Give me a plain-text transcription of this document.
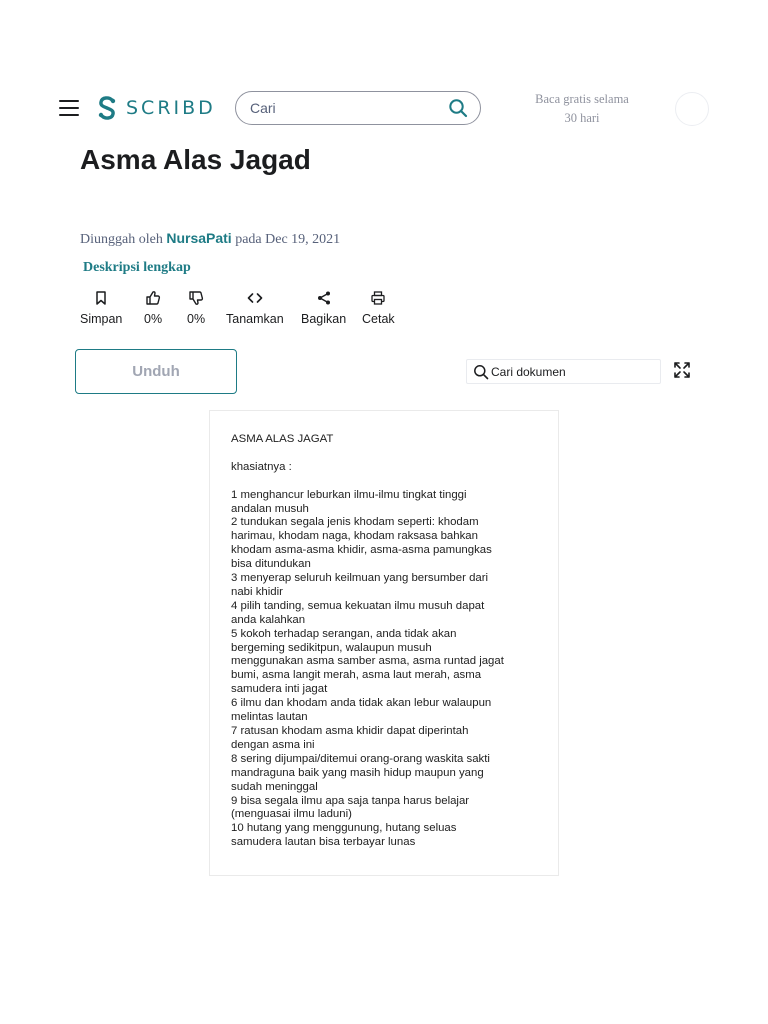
SCRIBD
Cari	Baca gratis selama
30 hari
Asma Alas Jagad
Diunggah oleh NursaPati pada Dec 19, 2021
Deskripsi lengkap
Simpan 0% 0% Tanamkan Bagikan Cetak
Unduh
Cari dokumen

ASMA ALAS JAGAT

khasiatnya :

1 menghancur leburkan ilmu-ilmu tingkat tinggi

andalan musuh

2 tundukan segala jenis khodam seperti: khodam

harimau, khodam naga, khodam raksasa bahkan

khodam asma-asma khidir, asma-asma pamungkas

bisa ditundukan

3 menyerap seluruh keilmuan yang bersumber dari

nabi khidir

4 pilih tanding, semua kekuatan ilmu musuh dapat

anda kalahkan

5 kokoh terhadap serangan, anda tidak akan

bergeming sedikitpun, walaupun musuh

menggunakan asma samber asma, asma runtad jagat

bumi, asma langit merah, asma laut merah, asma

samudera inti jagat

6 ilmu dan khodam anda tidak akan lebur walaupun

melintas lautan

7 ratusan khodam asma khidir dapat diperintah

dengan asma ini

8 sering dijumpai/ditemui orang-orang waskita sakti

mandraguna baik yang masih hidup maupun yang

sudah meninggal

9 bisa segala ilmu apa saja tanpa harus belajar

(menguasai ilmu laduni)

10 hutang yang menggunung, hutang seluas

samudera lautan bisa terbayar lunas
